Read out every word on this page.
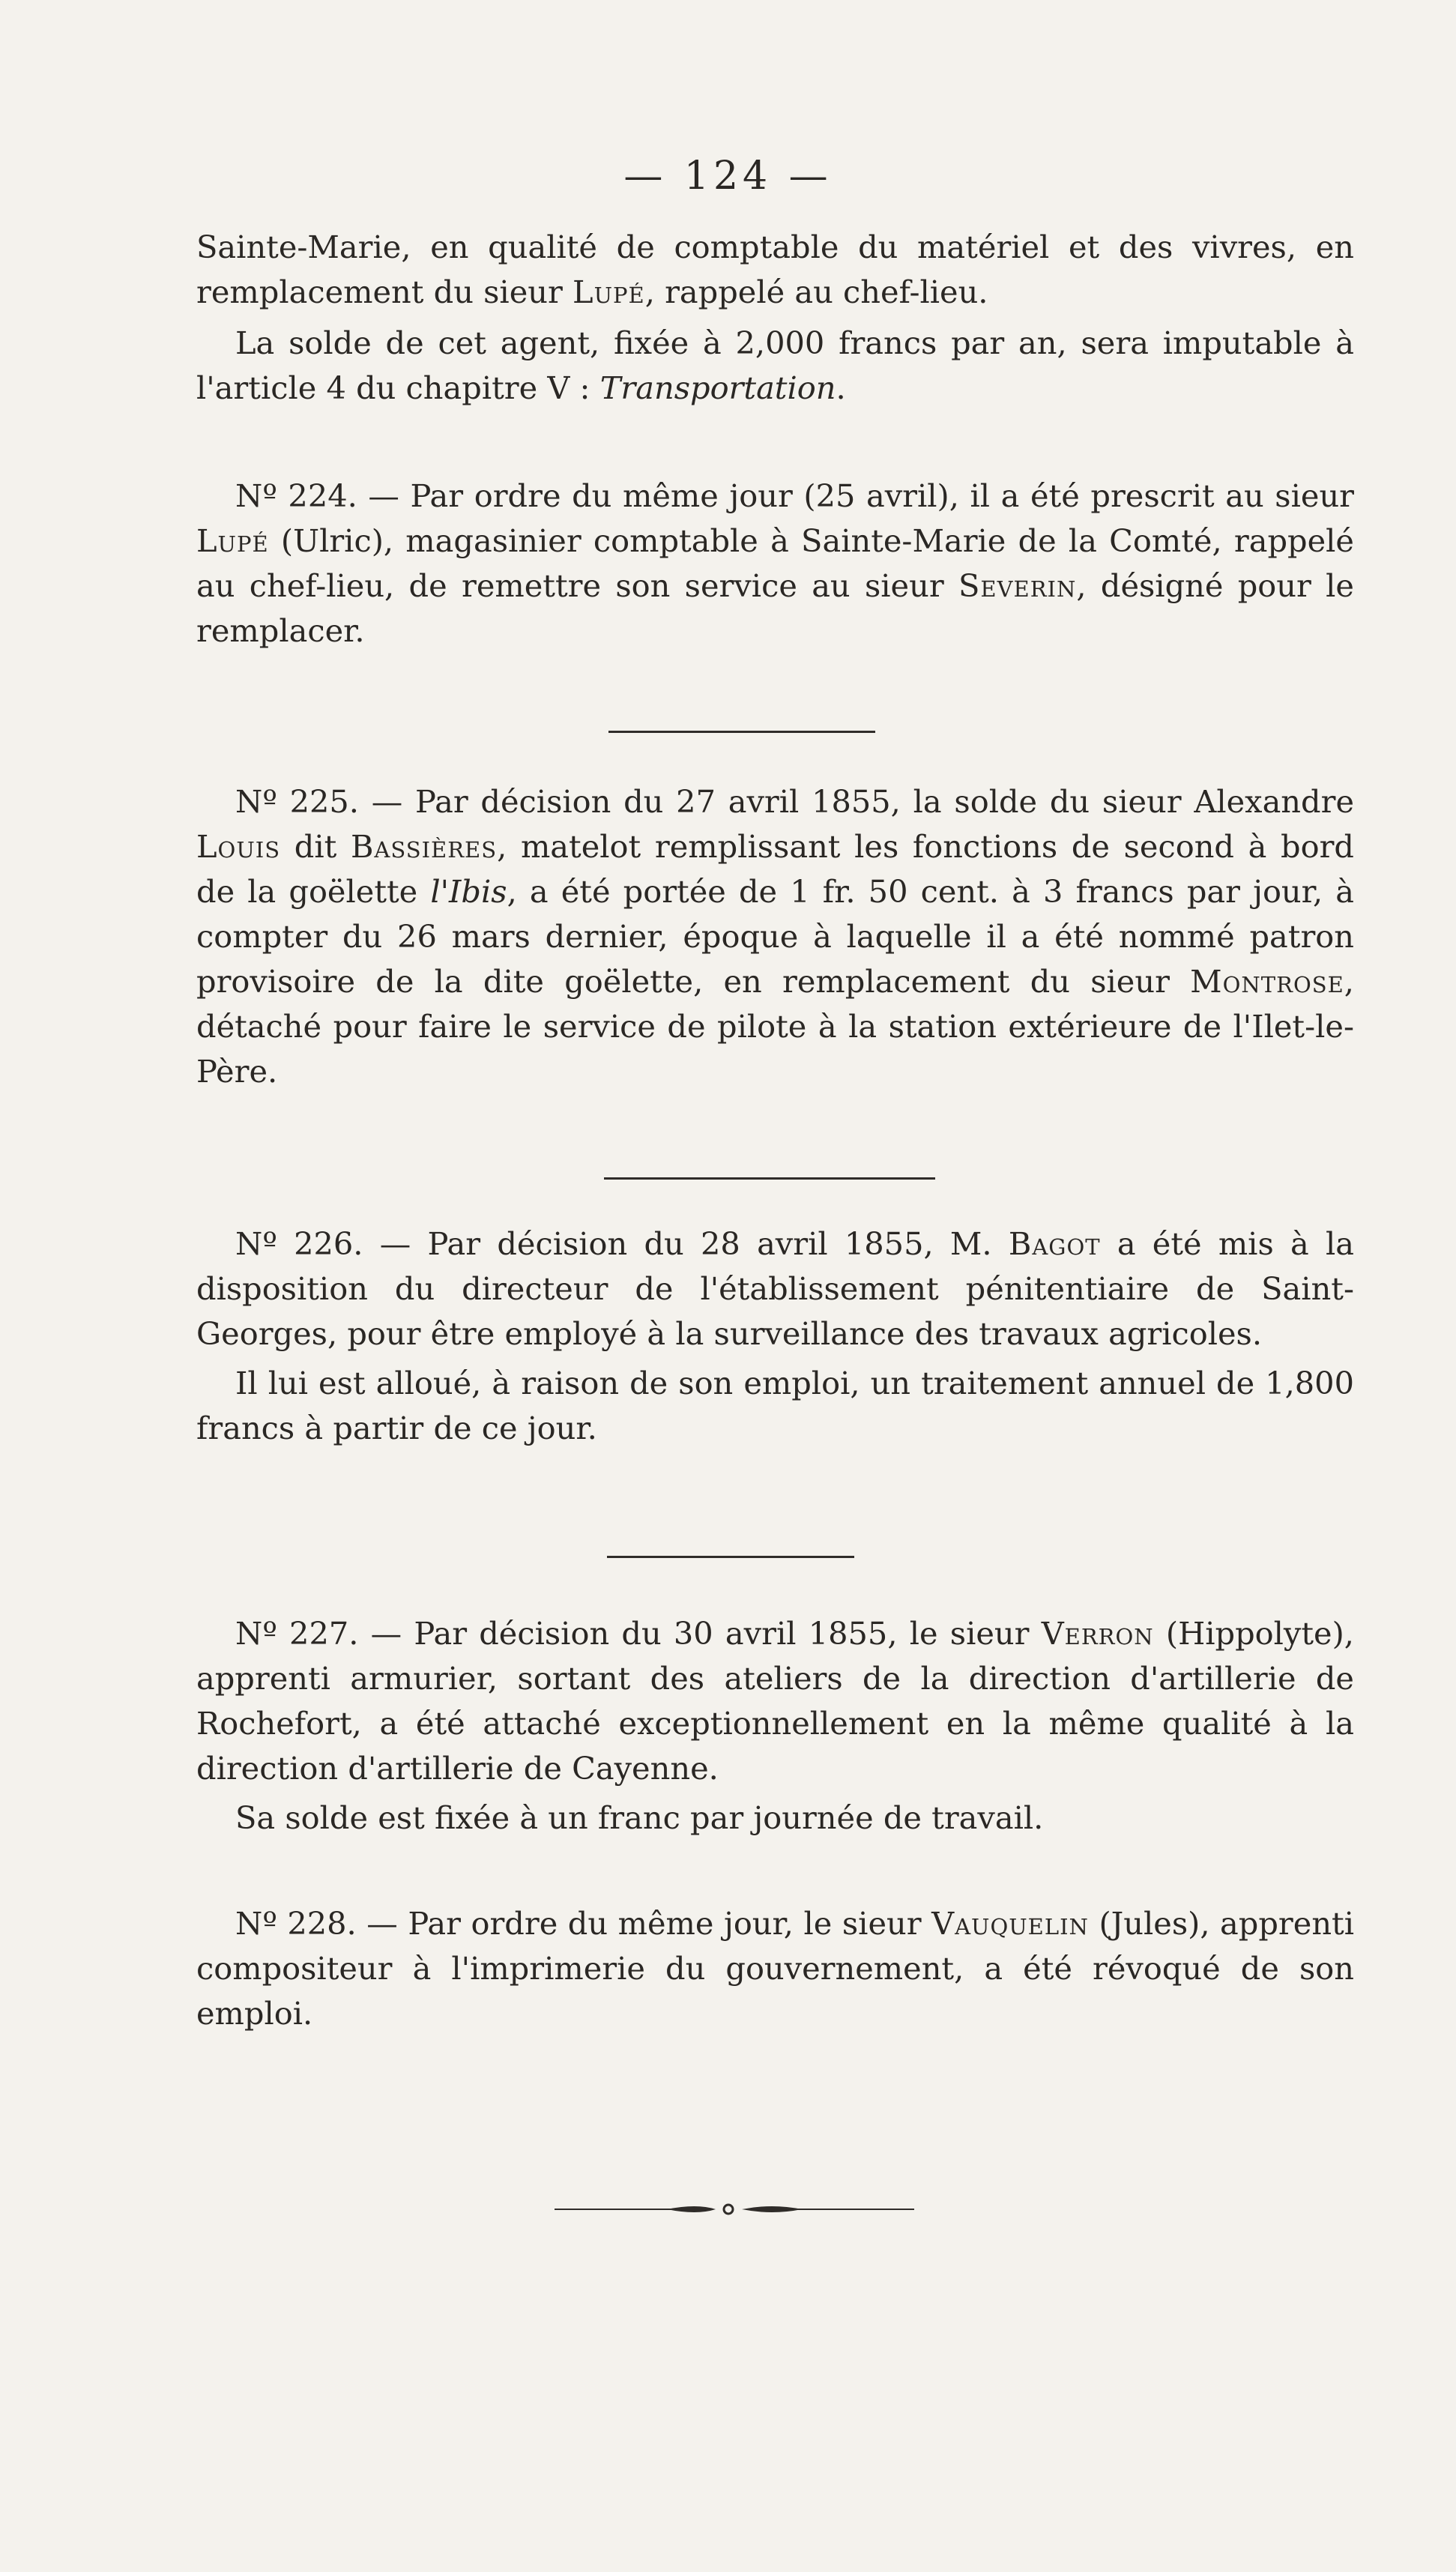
— 124 —

Sainte-Marie, en qualité de comptable du matériel et des vivres, en remplacement du sieur Lupé, rappelé au chef-lieu.

La solde de cet agent, fixée à 2,000 francs par an, sera imputable à l'article 4 du chapitre V : Transportation.

Nº 224. — Par ordre du même jour (25 avril), il a été prescrit au sieur Lupé (Ulric), magasinier comptable à Sainte-Marie de la Comté, rappelé au chef-lieu, de remettre son service au sieur Severin, désigné pour le remplacer.

Nº 225. — Par décision du 27 avril 1855, la solde du sieur Alexandre Louis dit Bassières, matelot remplissant les fonctions de second à bord de la goëlette l'Ibis, a été portée de 1 fr. 50 cent. à 3 francs par jour, à compter du 26 mars dernier, époque à laquelle il a été nommé patron provisoire de la dite goëlette, en remplacement du sieur Montrose, détaché pour faire le service de pilote à la station extérieure de l'Ilet-le-Père.

Nº 226. — Par décision du 28 avril 1855, M. Bagot a été mis à la disposition du directeur de l'établissement pénitentiaire de Saint-Georges, pour être employé à la surveillance des travaux agricoles.

Il lui est alloué, à raison de son emploi, un traitement annuel de 1,800 francs à partir de ce jour.

Nº 227. — Par décision du 30 avril 1855, le sieur Verron (Hippolyte), apprenti armurier, sortant des ateliers de la direction d'artillerie de Rochefort, a été attaché exceptionnellement en la même qualité à la direction d'artillerie de Cayenne.

Sa solde est fixée à un franc par journée de travail.

Nº 228. — Par ordre du même jour, le sieur Vauquelin (Jules), apprenti compositeur à l'imprimerie du gouvernement, a été révoqué de son emploi.
